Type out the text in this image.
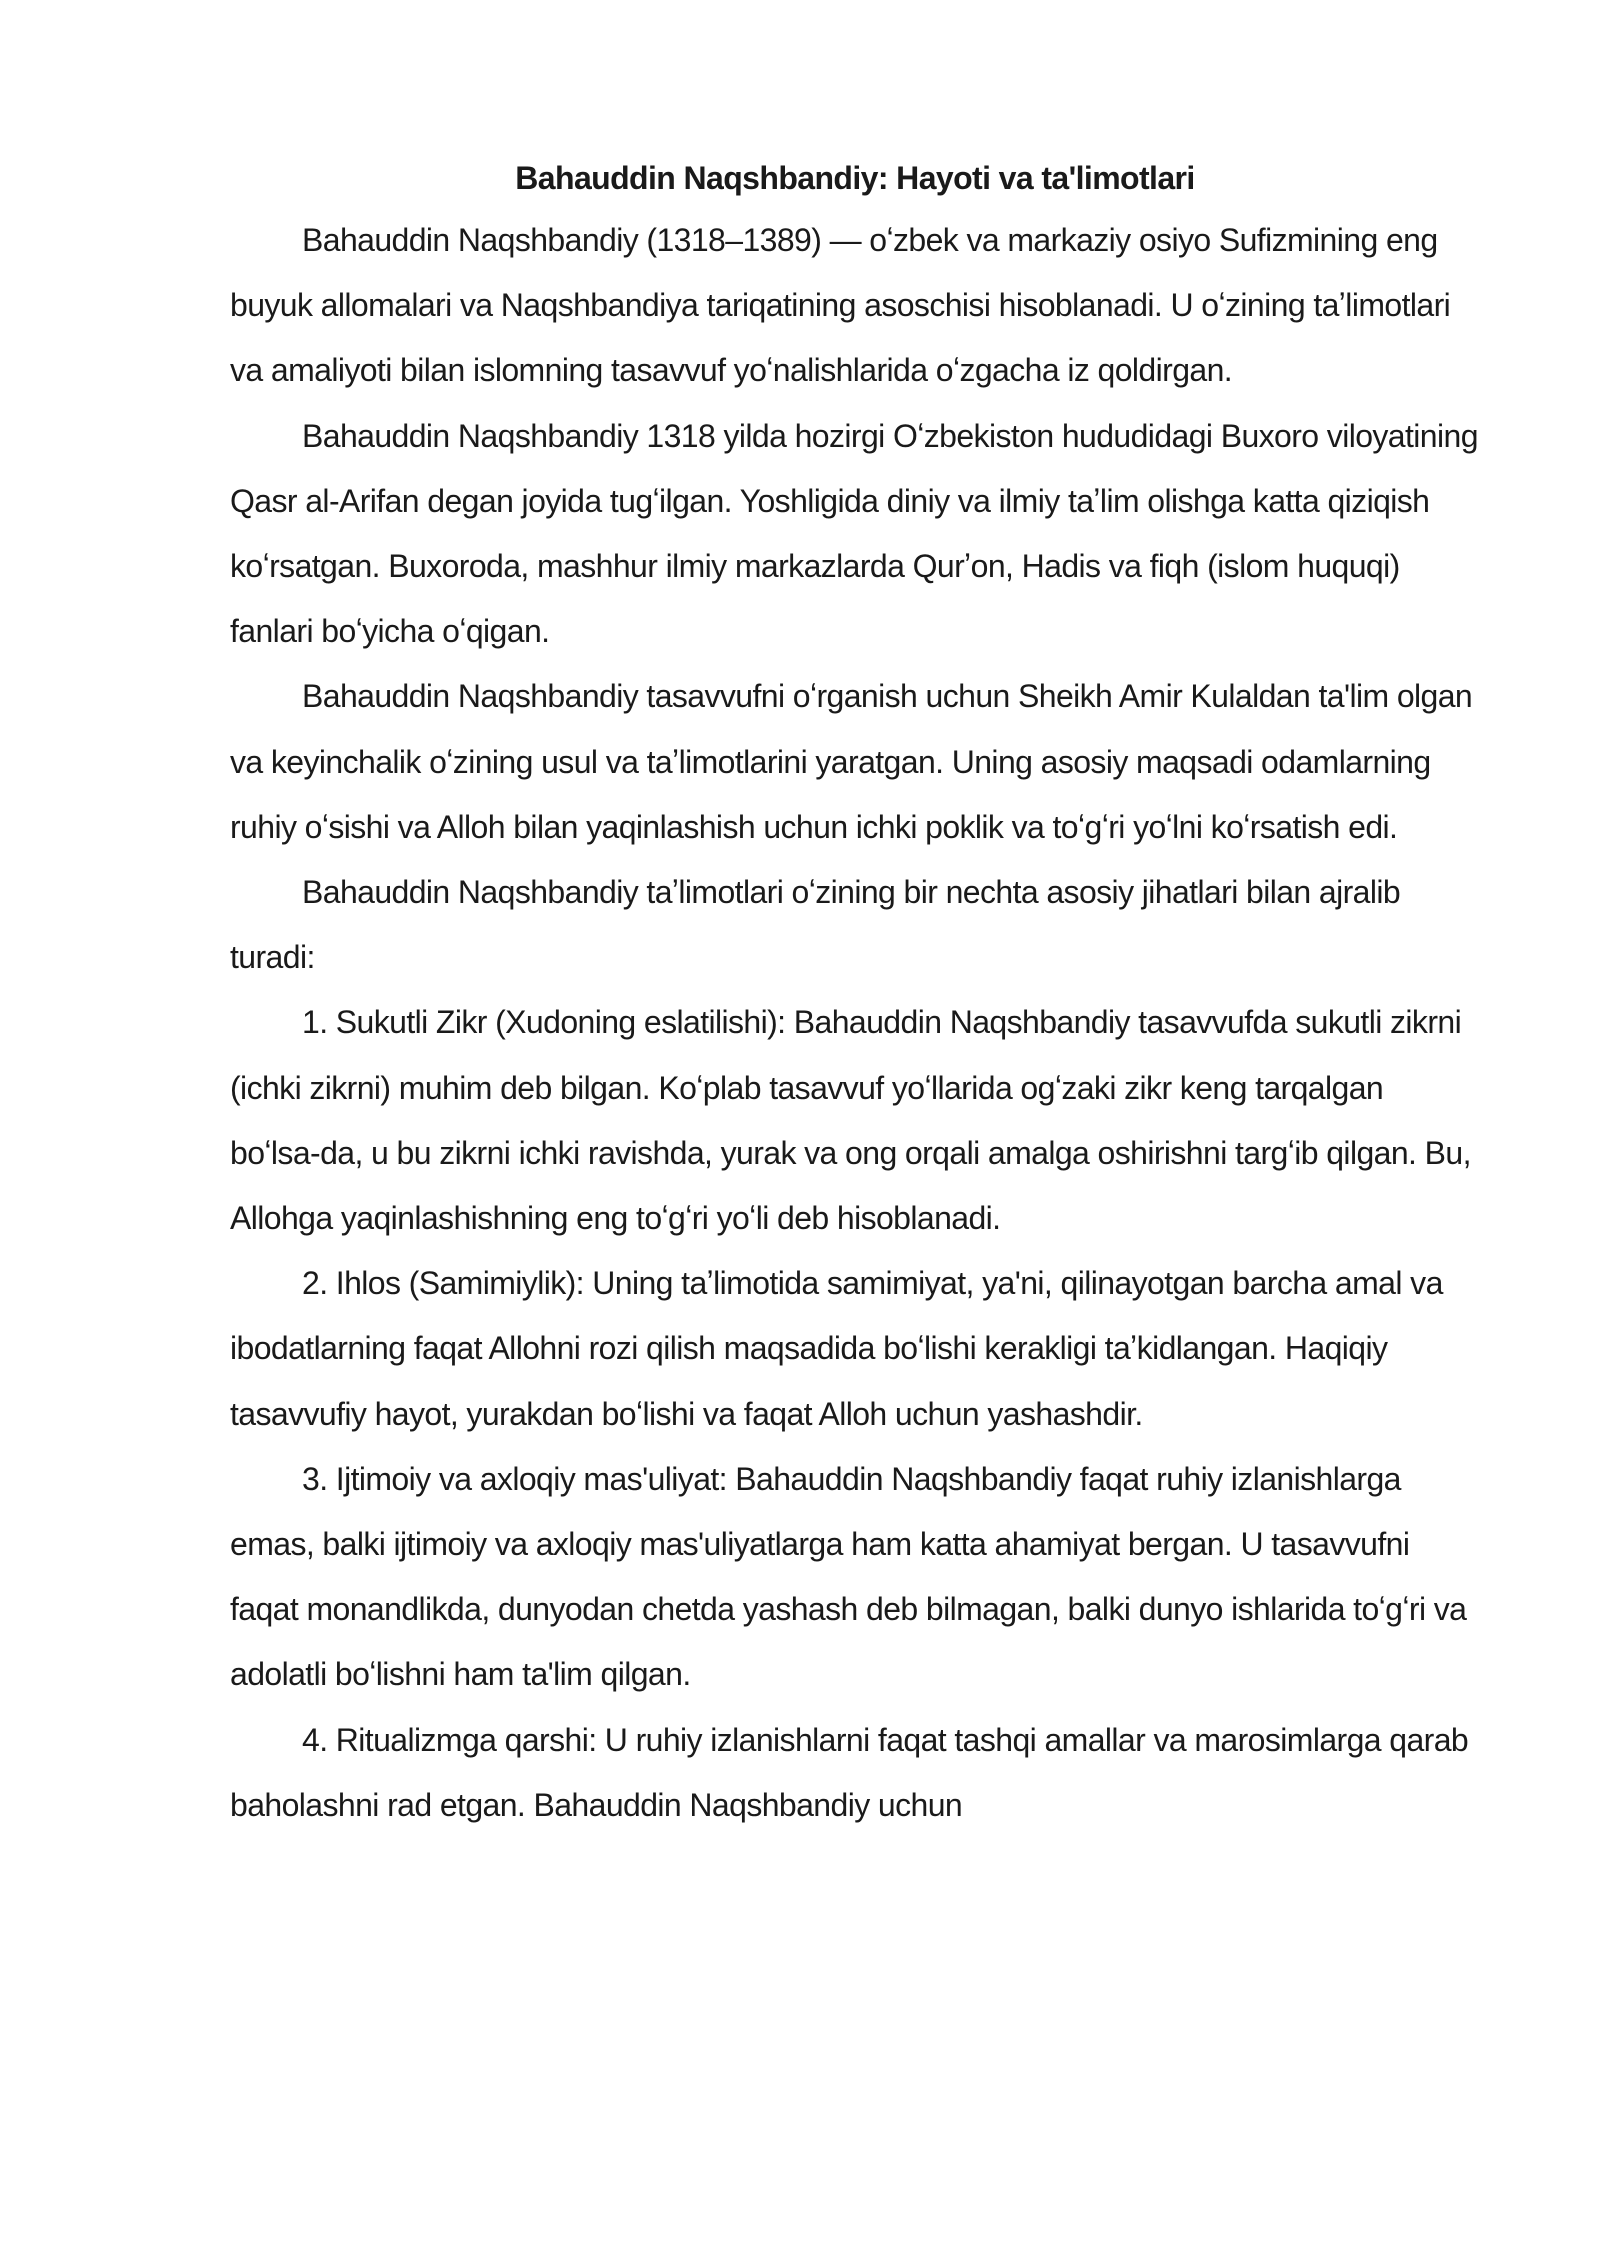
Bahauddin Naqshbandiy: Hayoti va ta'limotlari

Bahauddin Naqshbandiy (1318–1389) — oʻzbek va markaziy osiyo Sufizmining eng buyuk allomalari va Naqshbandiya tariqatining asoschisi hisoblanadi. U oʻzining taʼlimotlari va amaliyoti bilan islomning tasavvuf yoʻnalishlarida oʻzgacha iz qoldirgan.

Bahauddin Naqshbandiy 1318 yilda hozirgi Oʻzbekiston hududidagi Buxoro viloyatining Qasr al-Arifan degan joyida tugʻilgan. Yoshligida diniy va ilmiy taʼlim olishga katta qiziqish koʻrsatgan. Buxoroda, mashhur ilmiy markazlarda Qurʼon, Hadis va fiqh (islom huquqi) fanlari boʻyicha oʻqigan.

Bahauddin Naqshbandiy tasavvufni oʻrganish uchun Sheikh Amir Kulaldan ta'lim olgan va keyinchalik oʻzining usul va taʼlimotlarini yaratgan. Uning asosiy maqsadi odamlarning ruhiy oʻsishi va Alloh bilan yaqinlashish uchun ichki poklik va toʻgʻri yoʻlni koʻrsatish edi.

Bahauddin Naqshbandiy taʼlimotlari oʻzining bir nechta asosiy jihatlari bilan ajralib turadi:

1. Sukutli Zikr (Xudoning eslatilishi): Bahauddin Naqshbandiy tasavvufda sukutli zikrni (ichki zikrni) muhim deb bilgan. Koʻplab tasavvuf yoʻllarida ogʻzaki zikr keng tarqalgan boʻlsa-da, u bu zikrni ichki ravishda, yurak va ong orqali amalga oshirishni targʻib qilgan. Bu, Allohga yaqinlashishning eng toʻgʻri yoʻli deb hisoblanadi.

2. Ihlos (Samimiylik): Uning taʼlimotida samimiyat, ya'ni, qilinayotgan barcha amal va ibodatlarning faqat Allohni rozi qilish maqsadida boʻlishi kerakligi taʼkidlangan. Haqiqiy tasavvufiy hayot, yurakdan boʻlishi va faqat Alloh uchun yashashdir.

3. Ijtimoiy va axloqiy mas'uliyat: Bahauddin Naqshbandiy faqat ruhiy izlanishlarga emas, balki ijtimoiy va axloqiy mas'uliyatlarga ham katta ahamiyat bergan. U tasavvufni faqat monandlikda, dunyodan chetda yashash deb bilmagan, balki dunyo ishlarida toʻgʻri va adolatli boʻlishni ham ta'lim qilgan.

4. Ritualizmga qarshi: U ruhiy izlanishlarni faqat tashqi amallar va marosimlarga qarab baholashni rad etgan. Bahauddin Naqshbandiy uchun
